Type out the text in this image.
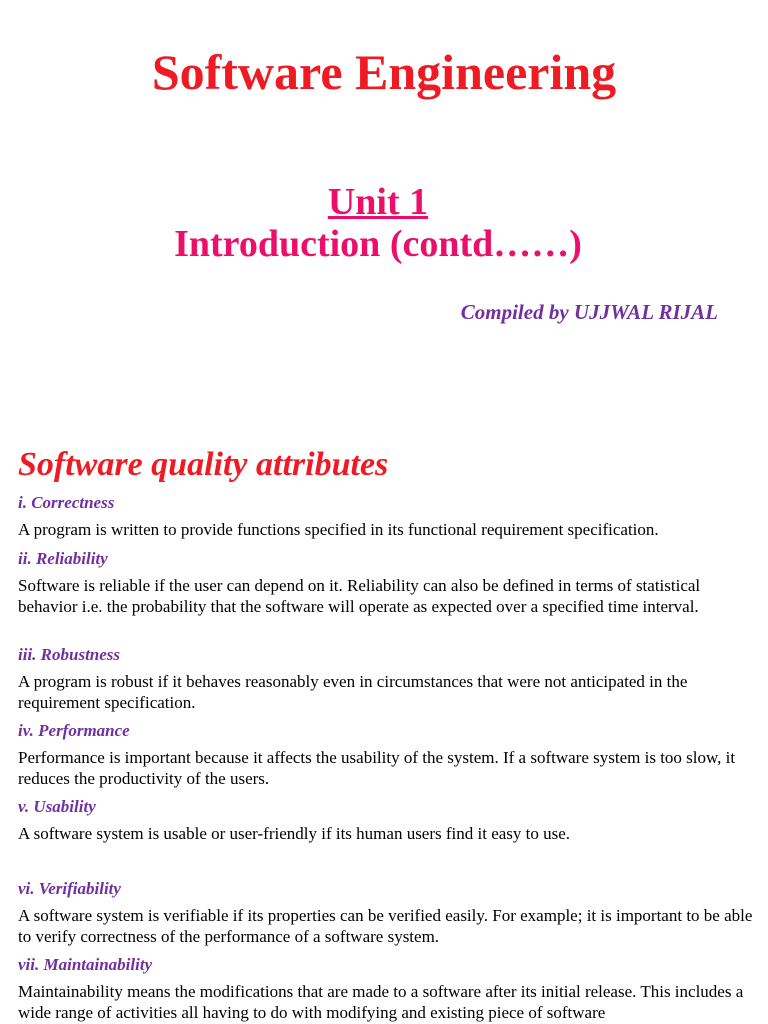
Software Engineering
Unit 1
Introduction (contd……)
Compiled by UJJWAL RIJAL
Software quality attributes

i. Correctness

A program is written to provide functions specified in its functional requirement specification.

ii. Reliability

Software is reliable if the user can depend on it. Reliability can also be defined in terms of statistical behavior i.e. the probability that the software will operate as expected over a specified time interval.

iii. Robustness

A program is robust if it behaves reasonably even in circumstances that were not anticipated in the requirement specification.

iv. Performance

Performance is important because it affects the usability of the system. If a software system is too slow, it reduces the productivity of the users.

v. Usability

A software system is usable or user-friendly if its human users find it easy to use.

vi. Verifiability

A software system is verifiable if its properties can be verified easily. For example; it is important to be able to verify correctness of the performance of a software system.

vii. Maintainability

Maintainability means the modifications that are made to a software after its initial release. This includes a wide range of activities all having to do with modifying and existing piece of software
